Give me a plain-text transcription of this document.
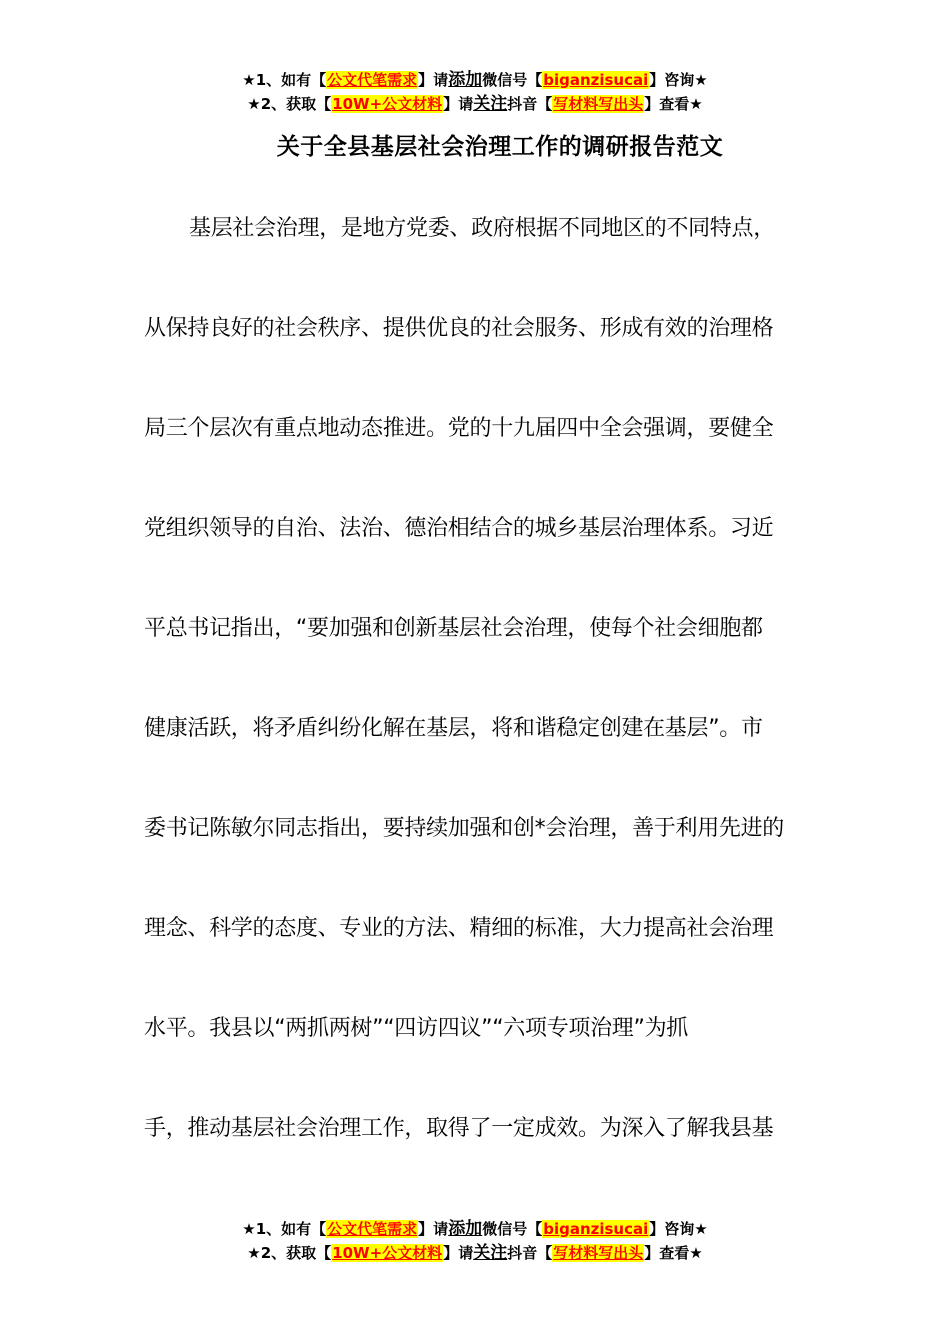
★1、如有【公文代笔需求】请添加微信号【biganzisucai】咨询★
★2、获取【10W+公文材料】请关注抖音【写材料写出头】查看★
关于全县基层社会治理工作的调研报告范文
基层社会治理，是地方党委、政府根据不同地区的不同特点，
从保持良好的社会秩序、提供优良的社会服务、形成有效的治理格
局三个层次有重点地动态推进。党的十九届四中全会强调，要健全
党组织领导的自治、法治、德治相结合的城乡基层治理体系。习近
平总书记指出，“要加强和创新基层社会治理，使每个社会细胞都
健康活跃，将矛盾纠纷化解在基层，将和谐稳定创建在基层”。市
委书记陈敏尔同志指出，要持续加强和创*会治理，善于利用先进的
理念、科学的态度、专业的方法、精细的标准，大力提高社会治理
水平。我县以“两抓两树”“四访四议”“六项专项治理”为抓
手，推动基层社会治理工作，取得了一定成效。为深入了解我县基
★1、如有【公文代笔需求】请添加微信号【biganzisucai】咨询★
★2、获取【10W+公文材料】请关注抖音【写材料写出头】查看★
